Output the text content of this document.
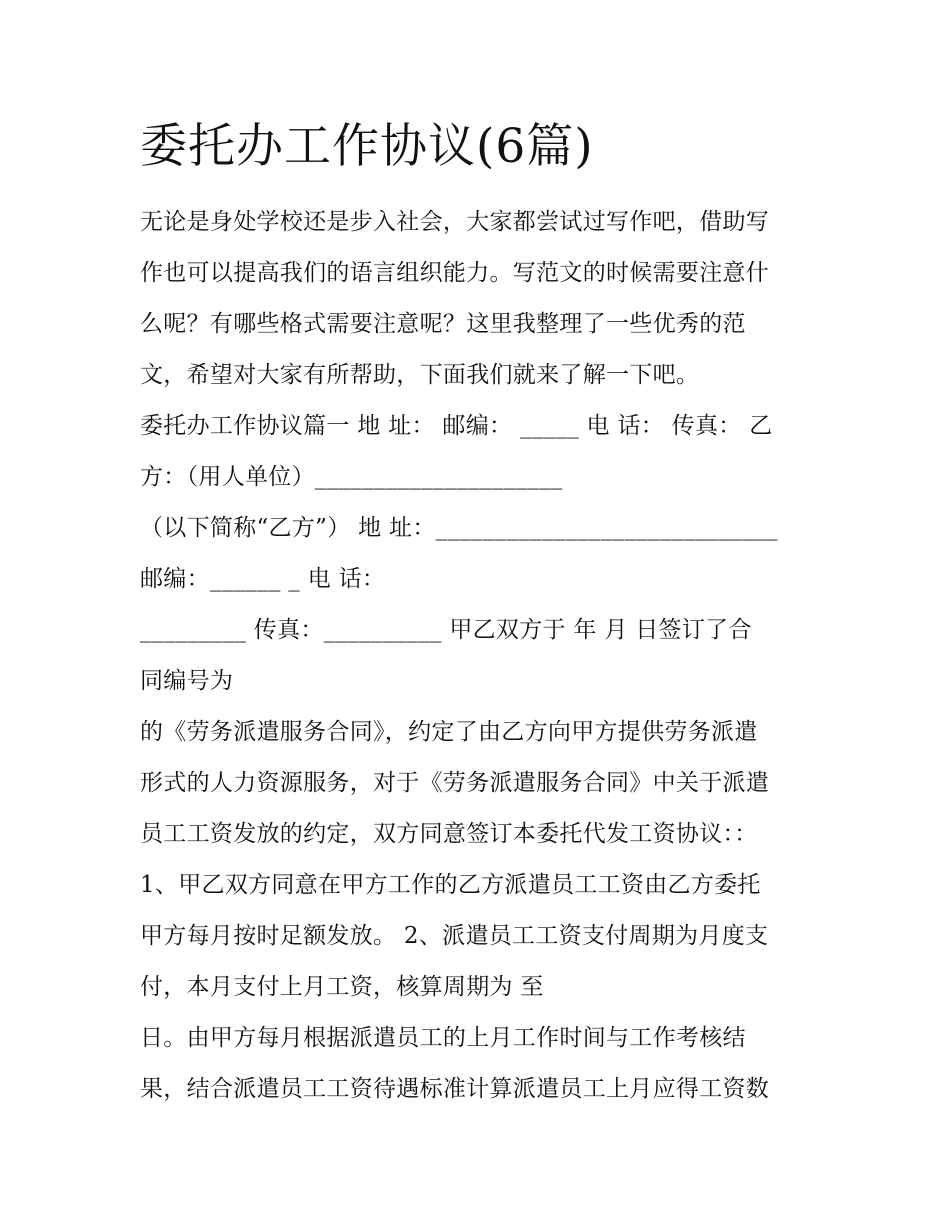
委托办工作协议(6篇)
无论是身处学校还是步入社会，大家都尝试过写作吧，借助写
作也可以提高我们的语言组织能力。写范文的时候需要注意什
么呢？有哪些格式需要注意呢？这里我整理了一些优秀的范
文，希望对大家有所帮助，下面我们就来了解一下吧。
委托办工作协议篇一 地 址： 邮编： _____ 电 话： 传真： 乙
方：（用人单位）_____________________
（以下简称“乙方”） 地 址：_____________________________
邮编：______ _ 电 话：
_________ 传真：__________ 甲乙双方于 年 月 日签订了合
同编号为
的《劳务派遣服务合同》，约定了由乙方向甲方提供劳务派遣
形式的人力资源服务，对于《劳务派遣服务合同》中关于派遣
员工工资发放的约定，双方同意签订本委托代发工资协议：：
1、甲乙双方同意在甲方工作的乙方派遣员工工资由乙方委托
甲方每月按时足额发放。 2、派遣员工工资支付周期为月度支
付，本月支付上月工资，核算周期为 至
日。由甲方每月根据派遣员工的上月工作时间与工作考核结
果，结合派遣员工工资待遇标准计算派遣员工上月应得工资数
